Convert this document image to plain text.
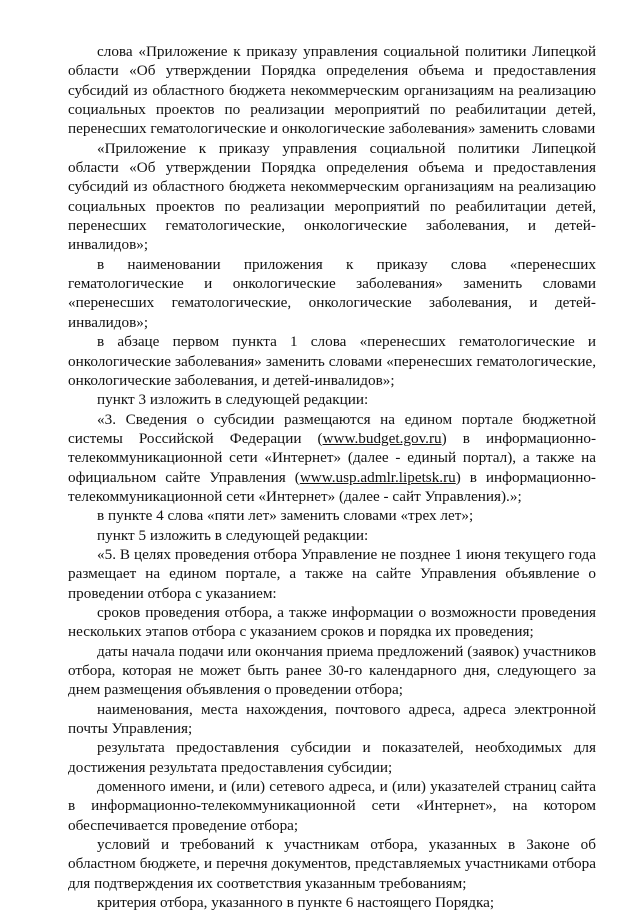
слова «Приложение к приказу управления социальной политики Липецкой области «Об утверждении Порядка определения объема и предоставления субсидий из областного бюджета некоммерческим организациям на реализацию социальных проектов по реализации мероприятий по реабилитации детей, перенесших гематологические и онкологические заболевания» заменить словами

«Приложение к приказу управления социальной политики Липецкой области «Об утверждении Порядка определения объема и предоставления субсидий из областного бюджета некоммерческим организациям на реализацию социальных проектов по реализации мероприятий по реабилитации детей, перенесших гематологические, онкологические заболевания, и детей-инвалидов»;

в наименовании приложения к приказу слова «перенесших гематологические и онкологические заболевания» заменить словами «перенесших гематологические, онкологические заболевания, и детей-инвалидов»;

в абзаце первом пункта 1 слова «перенесших гематологические и онкологические заболевания» заменить словами «перенесших гематологические, онкологические заболевания, и детей-инвалидов»;

пункт 3 изложить в следующей редакции:

«3. Сведения о субсидии размещаются на едином портале бюджетной системы Российской Федерации (www.budget.gov.ru) в информационно-телекоммуникационной сети «Интернет» (далее - единый портал), а также на официальном сайте Управления (www.usp.admlr.lipetsk.ru) в информационно-телекоммуникационной сети «Интернет» (далее - сайт Управления).»;

в пункте 4 слова «пяти лет» заменить словами «трех лет»;

пункт 5 изложить в следующей редакции:

«5. В целях проведения отбора Управление не позднее 1 июня текущего года размещает на едином портале, а также на сайте Управления объявление о проведении отбора с указанием:

сроков проведения отбора, а также информации о возможности проведения нескольких этапов отбора с указанием сроков и порядка их проведения;

даты начала подачи или окончания приема предложений (заявок) участников отбора, которая не может быть ранее 30-го календарного дня, следующего за днем размещения объявления о проведении отбора;

наименования, места нахождения, почтового адреса, адреса электронной почты Управления;

результата предоставления субсидии и показателей, необходимых для достижения результата предоставления субсидии;

доменного имени, и (или) сетевого адреса, и (или) указателей страниц сайта в информационно-телекоммуникационной сети «Интернет», на котором обеспечивается проведение отбора;

условий и требований к участникам отбора, указанных в Законе об областном бюджете, и перечня документов, представляемых участниками отбора для подтверждения их соответствия указанным требованиям;

критерия отбора, указанного в пункте 6 настоящего Порядка;
